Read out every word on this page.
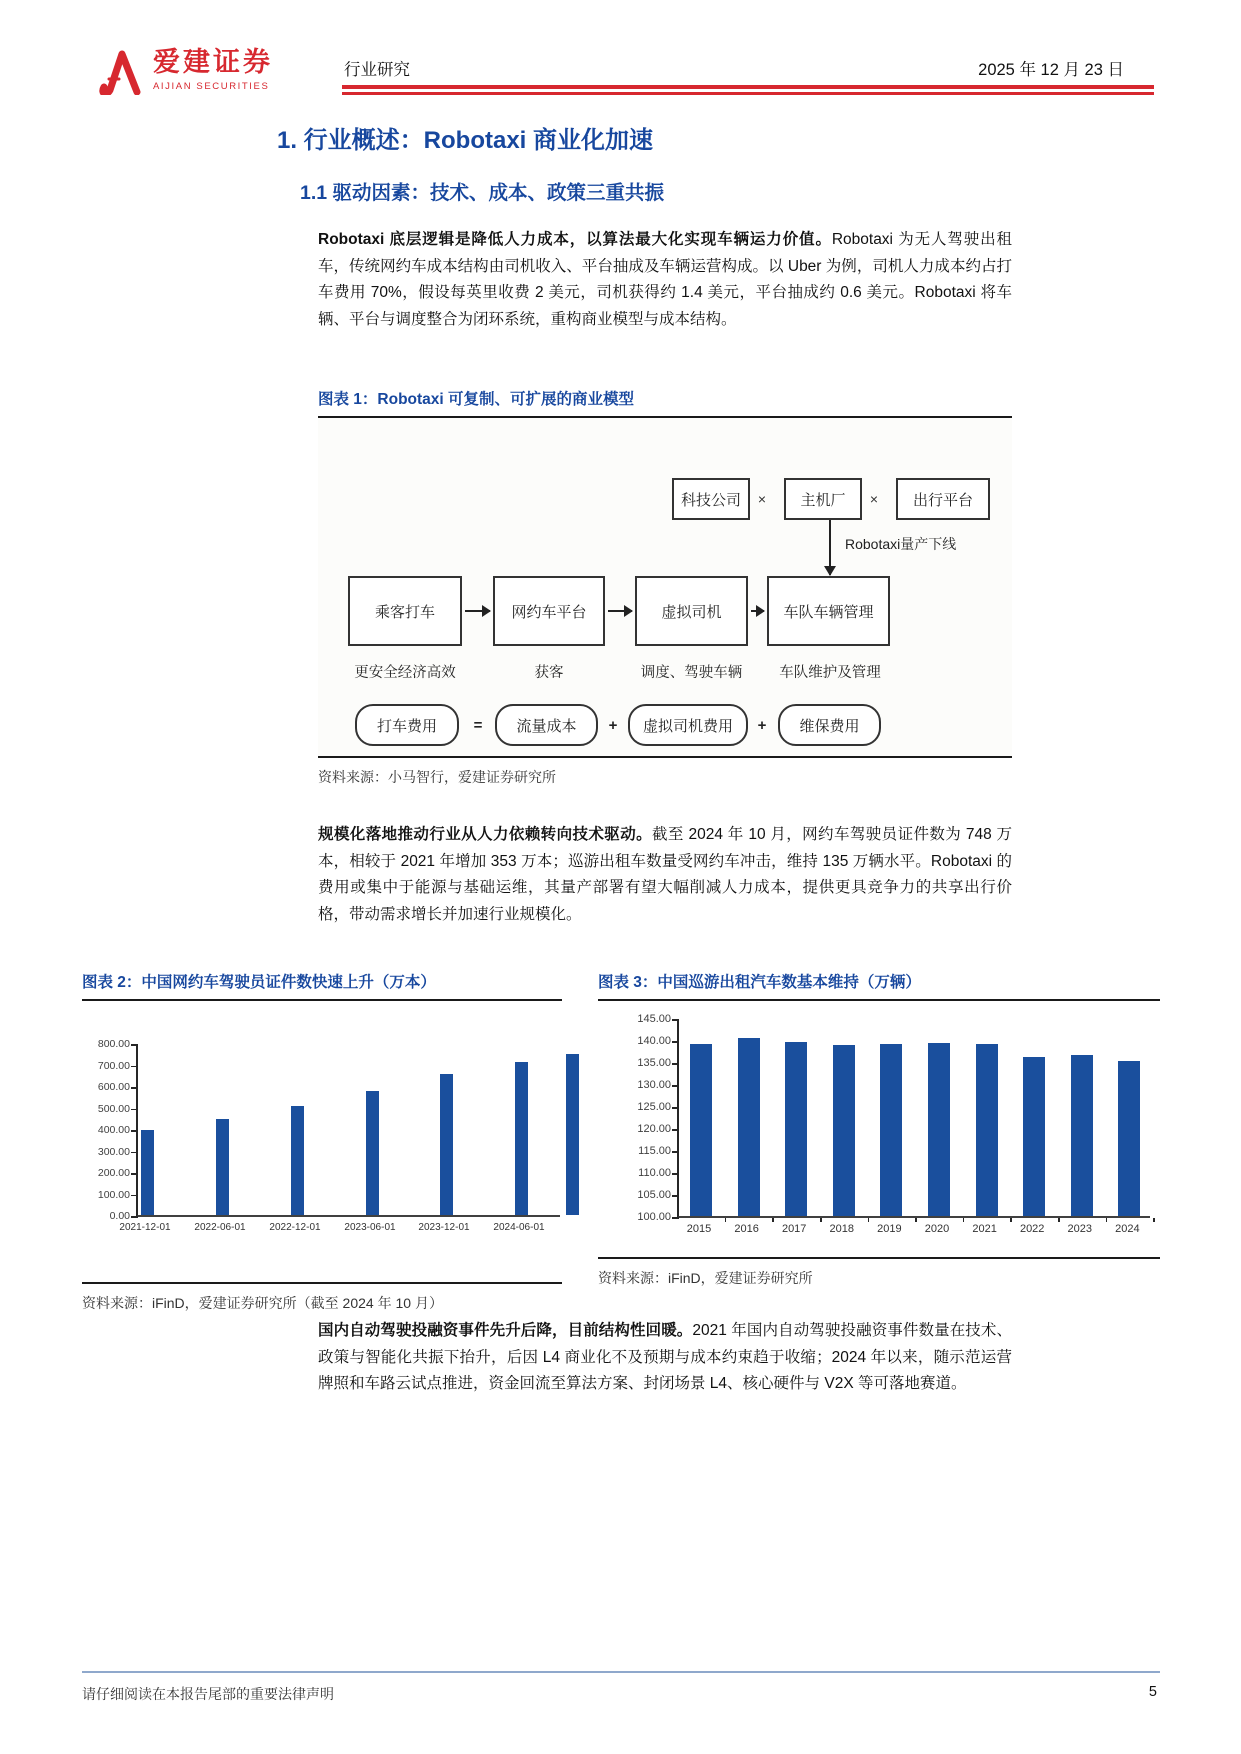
爱建证券
AIJIAN SECURITIES
行业研究	2025 年 12 月 23 日
1. 行业概述：Robotaxi 商业化加速
1.1 驱动因素：技术、成本、政策三重共振
Robotaxi 底层逻辑是降低人力成本，以算法最大化实现车辆运力价值。Robotaxi 为无人驾驶出租车，传统网约车成本结构由司机收入、平台抽成及车辆运营构成。以 Uber 为例，司机人力成本约占打车费用 70%，假设每英里收费 2 美元，司机获得约 1.4 美元，平台抽成约 0.6 美元。Robotaxi 将车辆、平台与调度整合为闭环系统，重构商业模型与成本结构。
图表 1：Robotaxi 可复制、可扩展的商业模型
科技公司	×	主机厂	×	出行平台
Robotaxi量产下线
乘客打车	网约车平台	虚拟司机	车队车辆管理
更安全经济高效	获客	调度、驾驶车辆	车队维护及管理
打车费用	=	流量成本	+	虚拟司机费用	+	维保费用
资料来源：小马智行，爱建证券研究所
规模化落地推动行业从人力依赖转向技术驱动。截至 2024 年 10 月，网约车驾驶员证件数为 748 万本，相较于 2021 年增加 353 万本；巡游出租车数量受网约车冲击，维持 135 万辆水平。Robotaxi 的费用或集中于能源与基础运维，其量产部署有望大幅削减人力成本，提供更具竞争力的共享出行价格，带动需求增长并加速行业规模化。
图表 2：中国网约车驾驶员证件数快速上升（万本）
800.00
700.00
600.00
500.00
400.00
300.00
200.00
100.00
0.00
2021-12-01 2022-06-01 2022-12-01 2023-06-01 2023-12-01 2024-06-01
资料来源：iFinD，爱建证券研究所（截至 2024 年 10 月）
图表 3：中国巡游出租汽车数基本维持（万辆）
145.00
140.00
135.00
130.00
125.00
120.00
115.00
110.00
105.00
100.00
2015 2016 2017 2018 2019 2020 2021 2022 2023 2024
资料来源：iFinD，爱建证券研究所
国内自动驾驶投融资事件先升后降，目前结构性回暖。2021 年国内自动驾驶投融资事件数量在技术、政策与智能化共振下抬升，后因 L4 商业化不及预期与成本约束趋于收缩；2024 年以来，随示范运营牌照和车路云试点推进，资金回流至算法方案、封闭场景 L4、核心硬件与 V2X 等可落地赛道。
请仔细阅读在本报告尾部的重要法律声明	5
